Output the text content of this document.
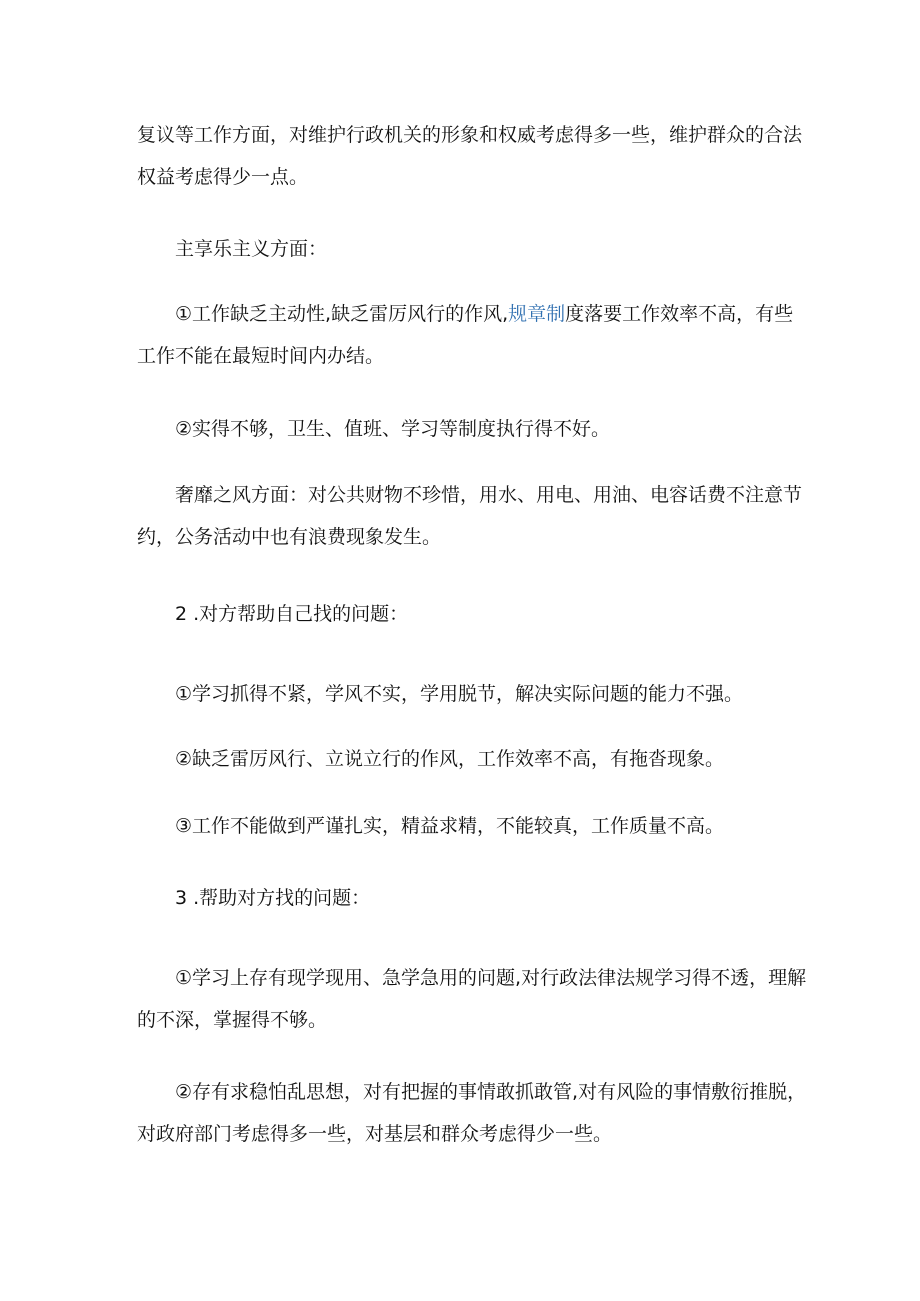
复议等工作方面，对维护行政机关的形象和权威考虑得多一些，维护群众的合法
权益考虑得少一点。

主享乐主义方面：

①工作缺乏主动性,缺乏雷厉风行的作风,规章制度落要工作效率不高，有些
工作不能在最短时间内办结。

②实得不够，卫生、值班、学习等制度执行得不好。

奢靡之风方面：对公共财物不珍惜，用水、用电、用油、电容话费不注意节
约，公务活动中也有浪费现象发生。

2 .对方帮助自己找的问题：

①学习抓得不紧，学风不实，学用脱节，解决实际问题的能力不强。

②缺乏雷厉风行、立说立行的作风，工作效率不高，有拖沓现象。

③工作不能做到严谨扎实，精益求精，不能较真，工作质量不高。

3 .帮助对方找的问题：

①学习上存有现学现用、急学急用的问题,对行政法律法规学习得不透，理解
的不深，掌握得不够。

②存有求稳怕乱思想，对有把握的事情敢抓敢管,对有风险的事情敷衍推脱，
对政府部门考虑得多一些，对基层和群众考虑得少一些。
